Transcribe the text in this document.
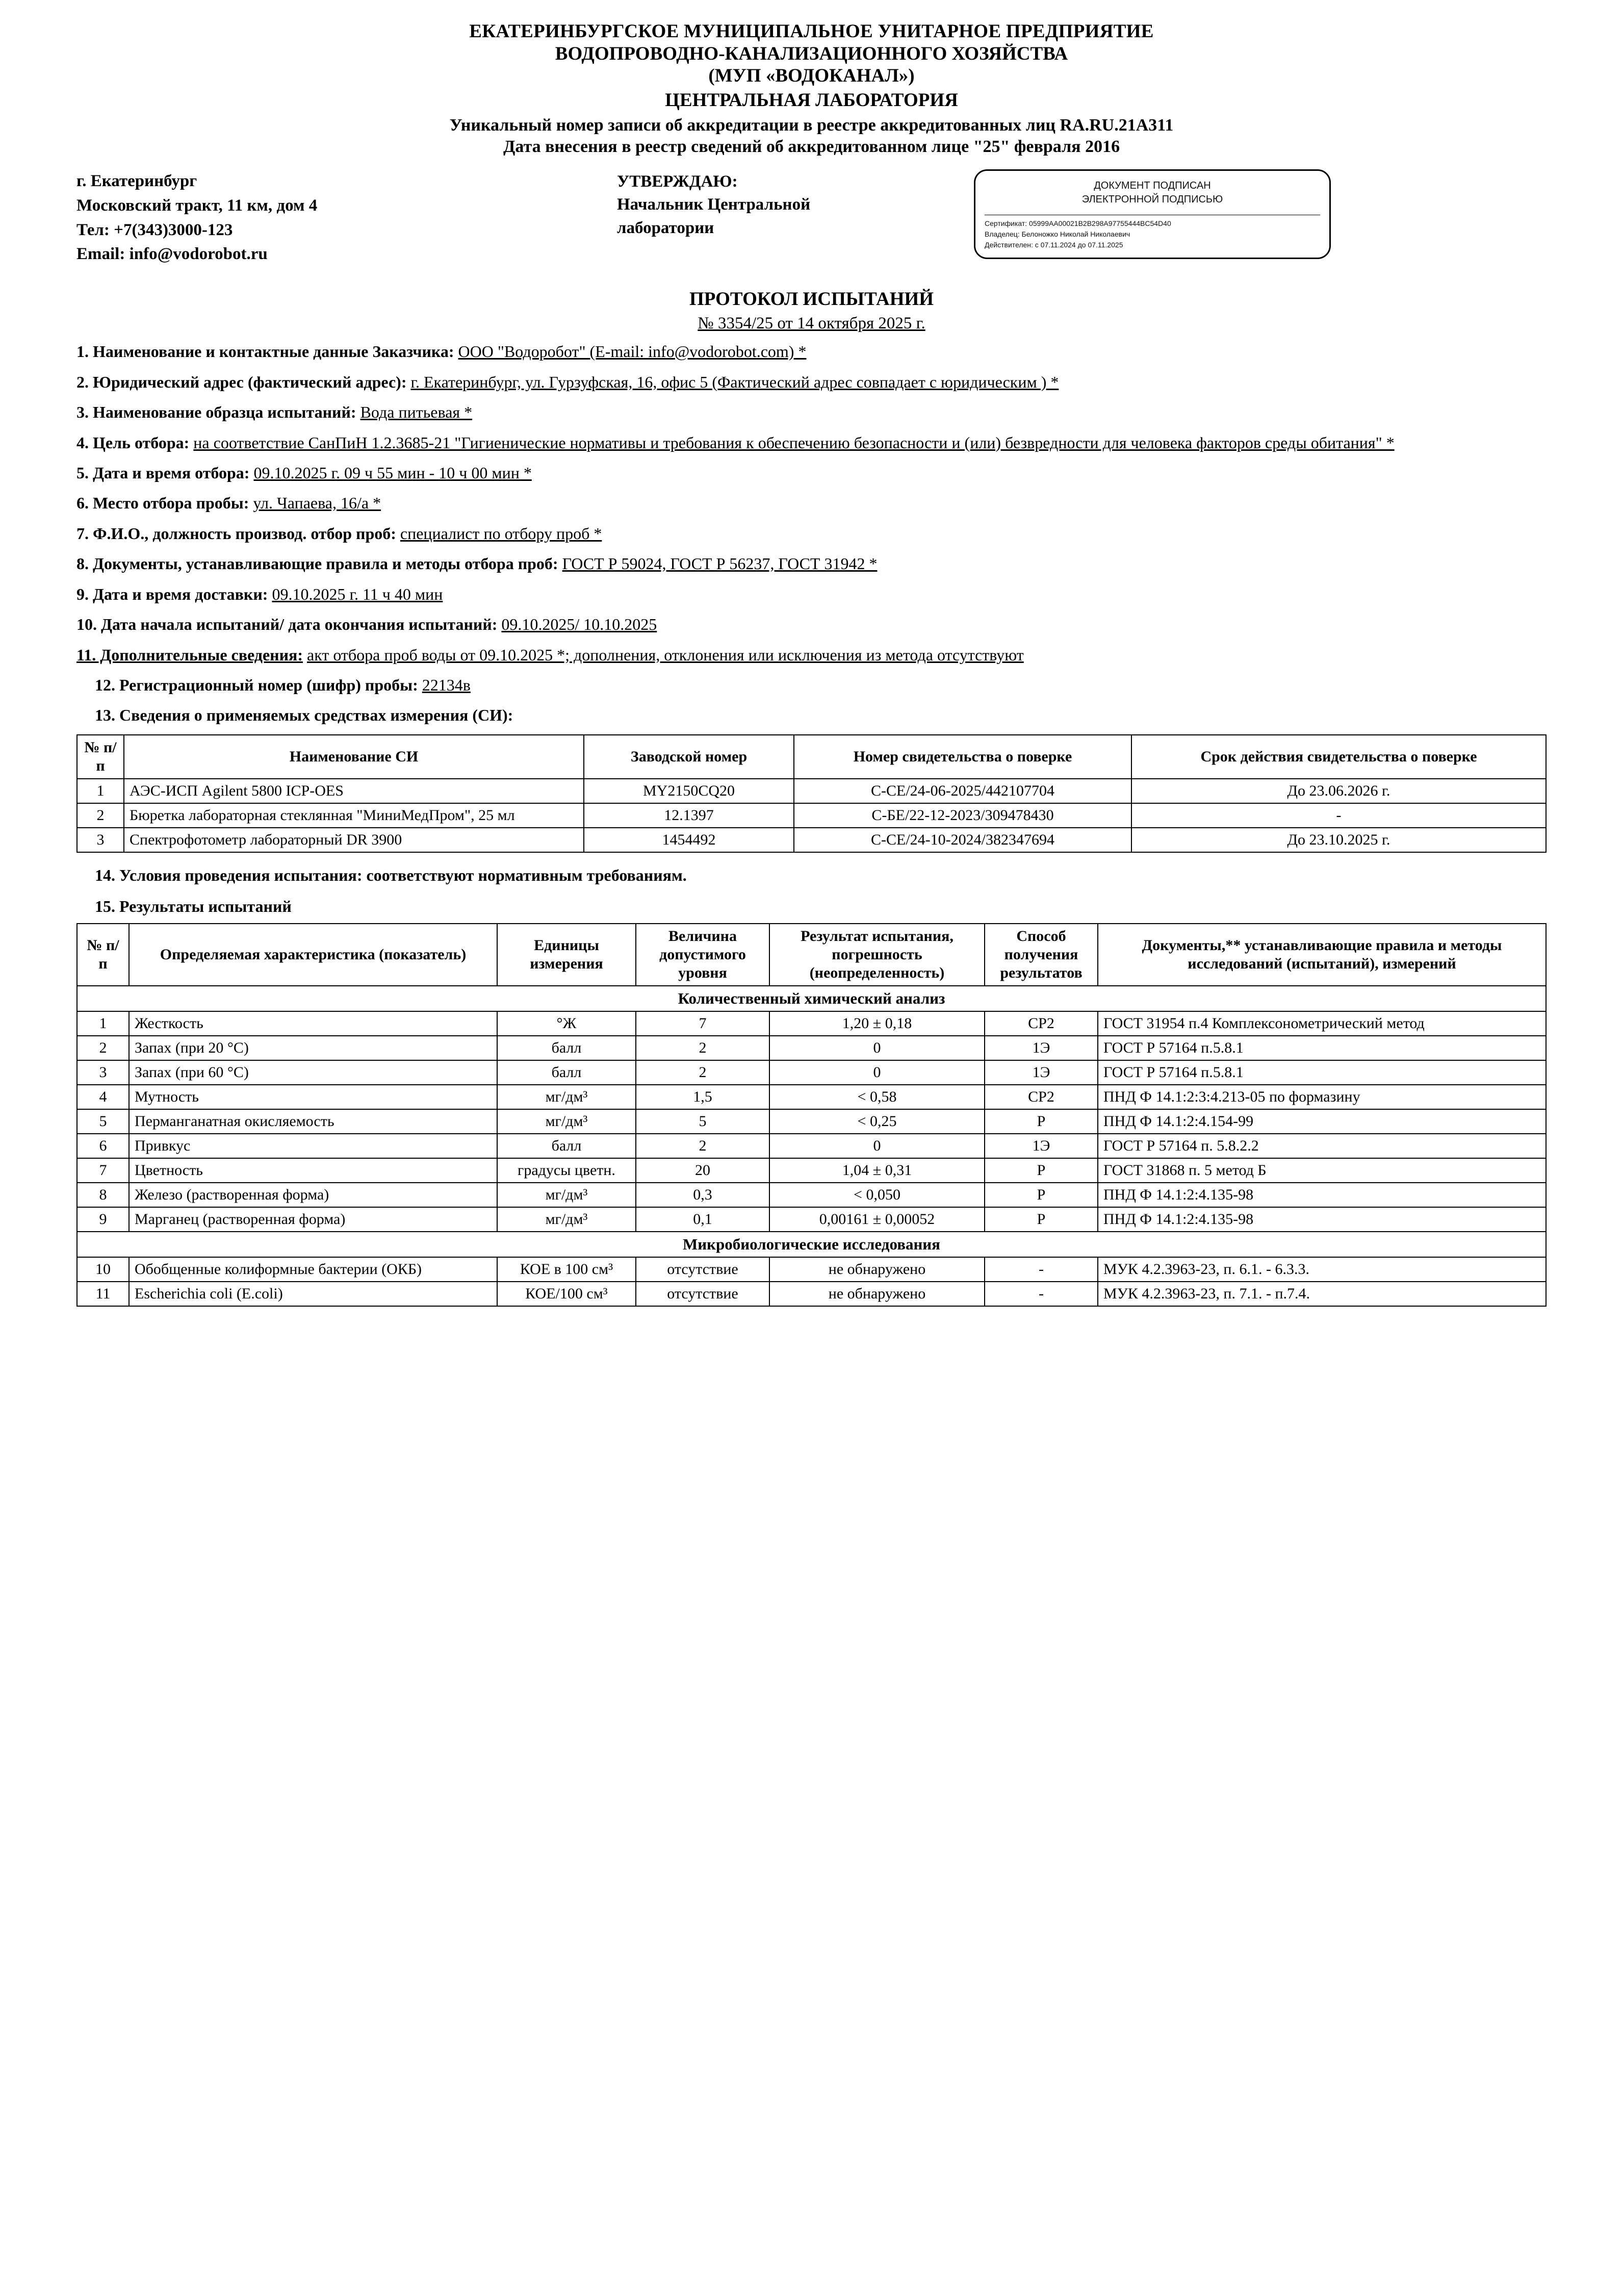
ЕКАТЕРИНБУРГСКОЕ МУНИЦИПАЛЬНОЕ УНИТАРНОЕ ПРЕДПРИЯТИЕ
ВОДОПРОВОДНО-КАНАЛИЗАЦИОННОГО ХОЗЯЙСТВА
(МУП «ВОДОКАНАЛ»)
ЦЕНТРАЛЬНАЯ ЛАБОРАТОРИЯ
Уникальный номер записи об аккредитации в реестре аккредитованных лиц RA.RU.21A311
Дата внесения в реестр сведений об аккредитованном лице "25" февраля 2016
г. Екатеринбург
Московский тракт, 11 км, дом 4
Тел: +7(343)3000-123
Email: info@vodorobot.ru
УТВЕРЖДАЮ:
Начальник Центральной
лаборатории
ДОКУМЕНТ ПОДПИСАН
ЭЛЕКТРОННОЙ ПОДПИСЬЮ
Сертификат: 05999AA00021B2B298A97755444BC54D40
Владелец: Белоножко Николай Николаевич
Действителен: с 07.11.2024 до 07.11.2025
ПРОТОКОЛ ИСПЫТАНИЙ
№ 3354/25 от 14 октября 2025 г.
1. Наименование и контактные данные Заказчика: ООО "Водоробот" (E-mail: info@vodorobot.com) *
2. Юридический адрес (фактический адрес): г. Екатеринбург, ул. Гурзуфская, 16, офис 5 (Фактический адрес совпадает с юридическим ) *
3. Наименование образца испытаний: Вода питьевая *
4. Цель отбора: на соответствие СанПиН 1.2.3685-21 "Гигиенические нормативы и требования к обеспечению безопасности и (или) безвредности для человека факторов среды обитания" *
5. Дата и время отбора: 09.10.2025 г. 09 ч 55 мин - 10 ч 00 мин *
6. Место отбора пробы: ул. Чапаева, 16/а *
7. Ф.И.О., должность производ. отбор проб: специалист по отбору проб *
8. Документы, устанавливающие правила и методы отбора проб: ГОСТ Р 59024, ГОСТ Р 56237, ГОСТ 31942 *
9. Дата и время доставки: 09.10.2025 г. 11 ч 40 мин
10. Дата начала испытаний/ дата окончания испытаний: 09.10.2025/ 10.10.2025
11. Дополнительные сведения: акт отбора проб воды от 09.10.2025 *; дополнения, отклонения или исключения из метода отсутствуют
12. Регистрационный номер (шифр) пробы: 22134в
13. Сведения о применяемых средствах измерения (СИ):
№ п/п	Наименование СИ	Заводской номер	Номер свидетельства о поверке	Срок действия свидетельства о поверке
1	АЭС-ИСП Agilent 5800 ICP-OES	MY2150CQ20	С-СЕ/24-06-2025/442107704	До 23.06.2026 г.
2	Бюретка лабораторная стеклянная "МиниМедПром", 25 мл	12.1397	С-БЕ/22-12-2023/309478430	-
3	Спектрофотометр лабораторный DR 3900	1454492	С-СЕ/24-10-2024/382347694	До 23.10.2025 г.
14. Условия проведения испытания: соответствуют нормативным требованиям.
15. Результаты испытаний
№ п/п	Определяемая характеристика (показатель)	Единицы измерения	Величина допустимого уровня	Результат испытания, погрешность (неопределенность)	Способ получения результатов	Документы,** устанавливающие правила и методы исследований (испытаний), измерений
Количественный химический анализ						
1	Жесткость	°Ж	7	1,20 ± 0,18	СР2	ГОСТ 31954 п.4 Комплексонометрический метод
2	Запах (при 20 °С)	балл	2	0	1Э	ГОСТ Р 57164 п.5.8.1
3	Запах (при 60 °С)	балл	2	0	1Э	ГОСТ Р 57164 п.5.8.1
4	Мутность	мг/дм³	1,5	< 0,58	СР2	ПНД Ф 14.1:2:3:4.213-05 по формазину
5	Перманганатная окисляемость	мг/дм³	5	< 0,25	Р	ПНД Ф 14.1:2:4.154-99
6	Привкус	балл	2	0	1Э	ГОСТ Р 57164 п. 5.8.2.2
7	Цветность	градусы цветн.	20	1,04 ± 0,31	Р	ГОСТ 31868 п. 5 метод Б
8	Железо (растворенная форма)	мг/дм³	0,3	< 0,050	Р	ПНД Ф 14.1:2:4.135-98
9	Марганец (растворенная форма)	мг/дм³	0,1	0,00161 ± 0,00052	Р	ПНД Ф 14.1:2:4.135-98
Микробиологические исследования						
10	Обобщенные колиформные бактерии (ОКБ)	КОЕ в 100 см³	отсутствие	не обнаружено	-	МУК 4.2.3963-23, п. 6.1. - 6.3.3.
11	Escherichia coli (E.coli)	КОЕ/100 см³	отсутствие	не обнаружено	-	МУК 4.2.3963-23, п. 7.1. - п.7.4.
